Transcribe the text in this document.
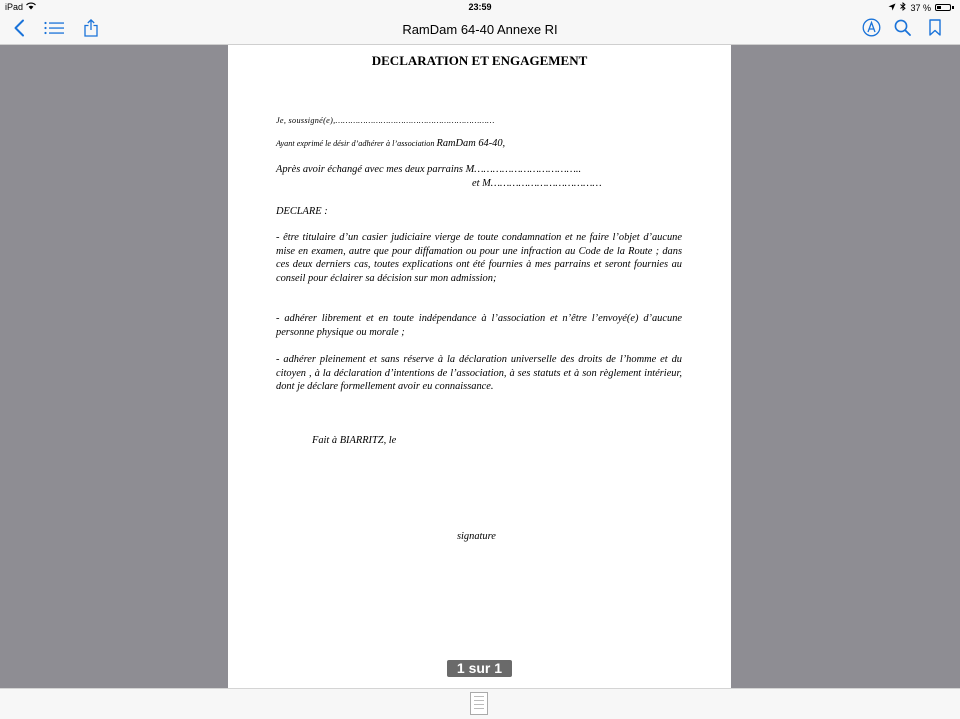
iPad	23:59	37 %
RamDam 64-40 Annexe RI
DECLARATION ET ENGAGEMENT
Je, soussigné(e),………………………………………………………
Ayant exprimé le désir d’adhérer à l’association RamDam 64-40,
Après avoir échangé avec mes deux parrains M……………………………..
et M………………………………
DECLARE :
- être titulaire d’un casier judiciaire vierge de toute condamnation et ne faire l’objet d’aucune mise en examen, autre que pour diffamation ou pour une infraction au Code de la Route ; dans ces deux derniers cas, toutes explications ont été fournies à mes parrains et seront fournies au conseil pour éclairer sa décision sur mon admission;
- adhérer librement et en toute indépendance à l’association et n’être l’envoyé(e) d’aucune personne physique ou morale ;
- adhérer pleinement et sans réserve à la déclaration universelle des droits de l’homme et du citoyen , à la déclaration d’intentions de l’association, à ses statuts et à son règlement intérieur, dont je déclare formellement avoir eu connaissance.
Fait à BIARRITZ, le
signature
1 sur 1
